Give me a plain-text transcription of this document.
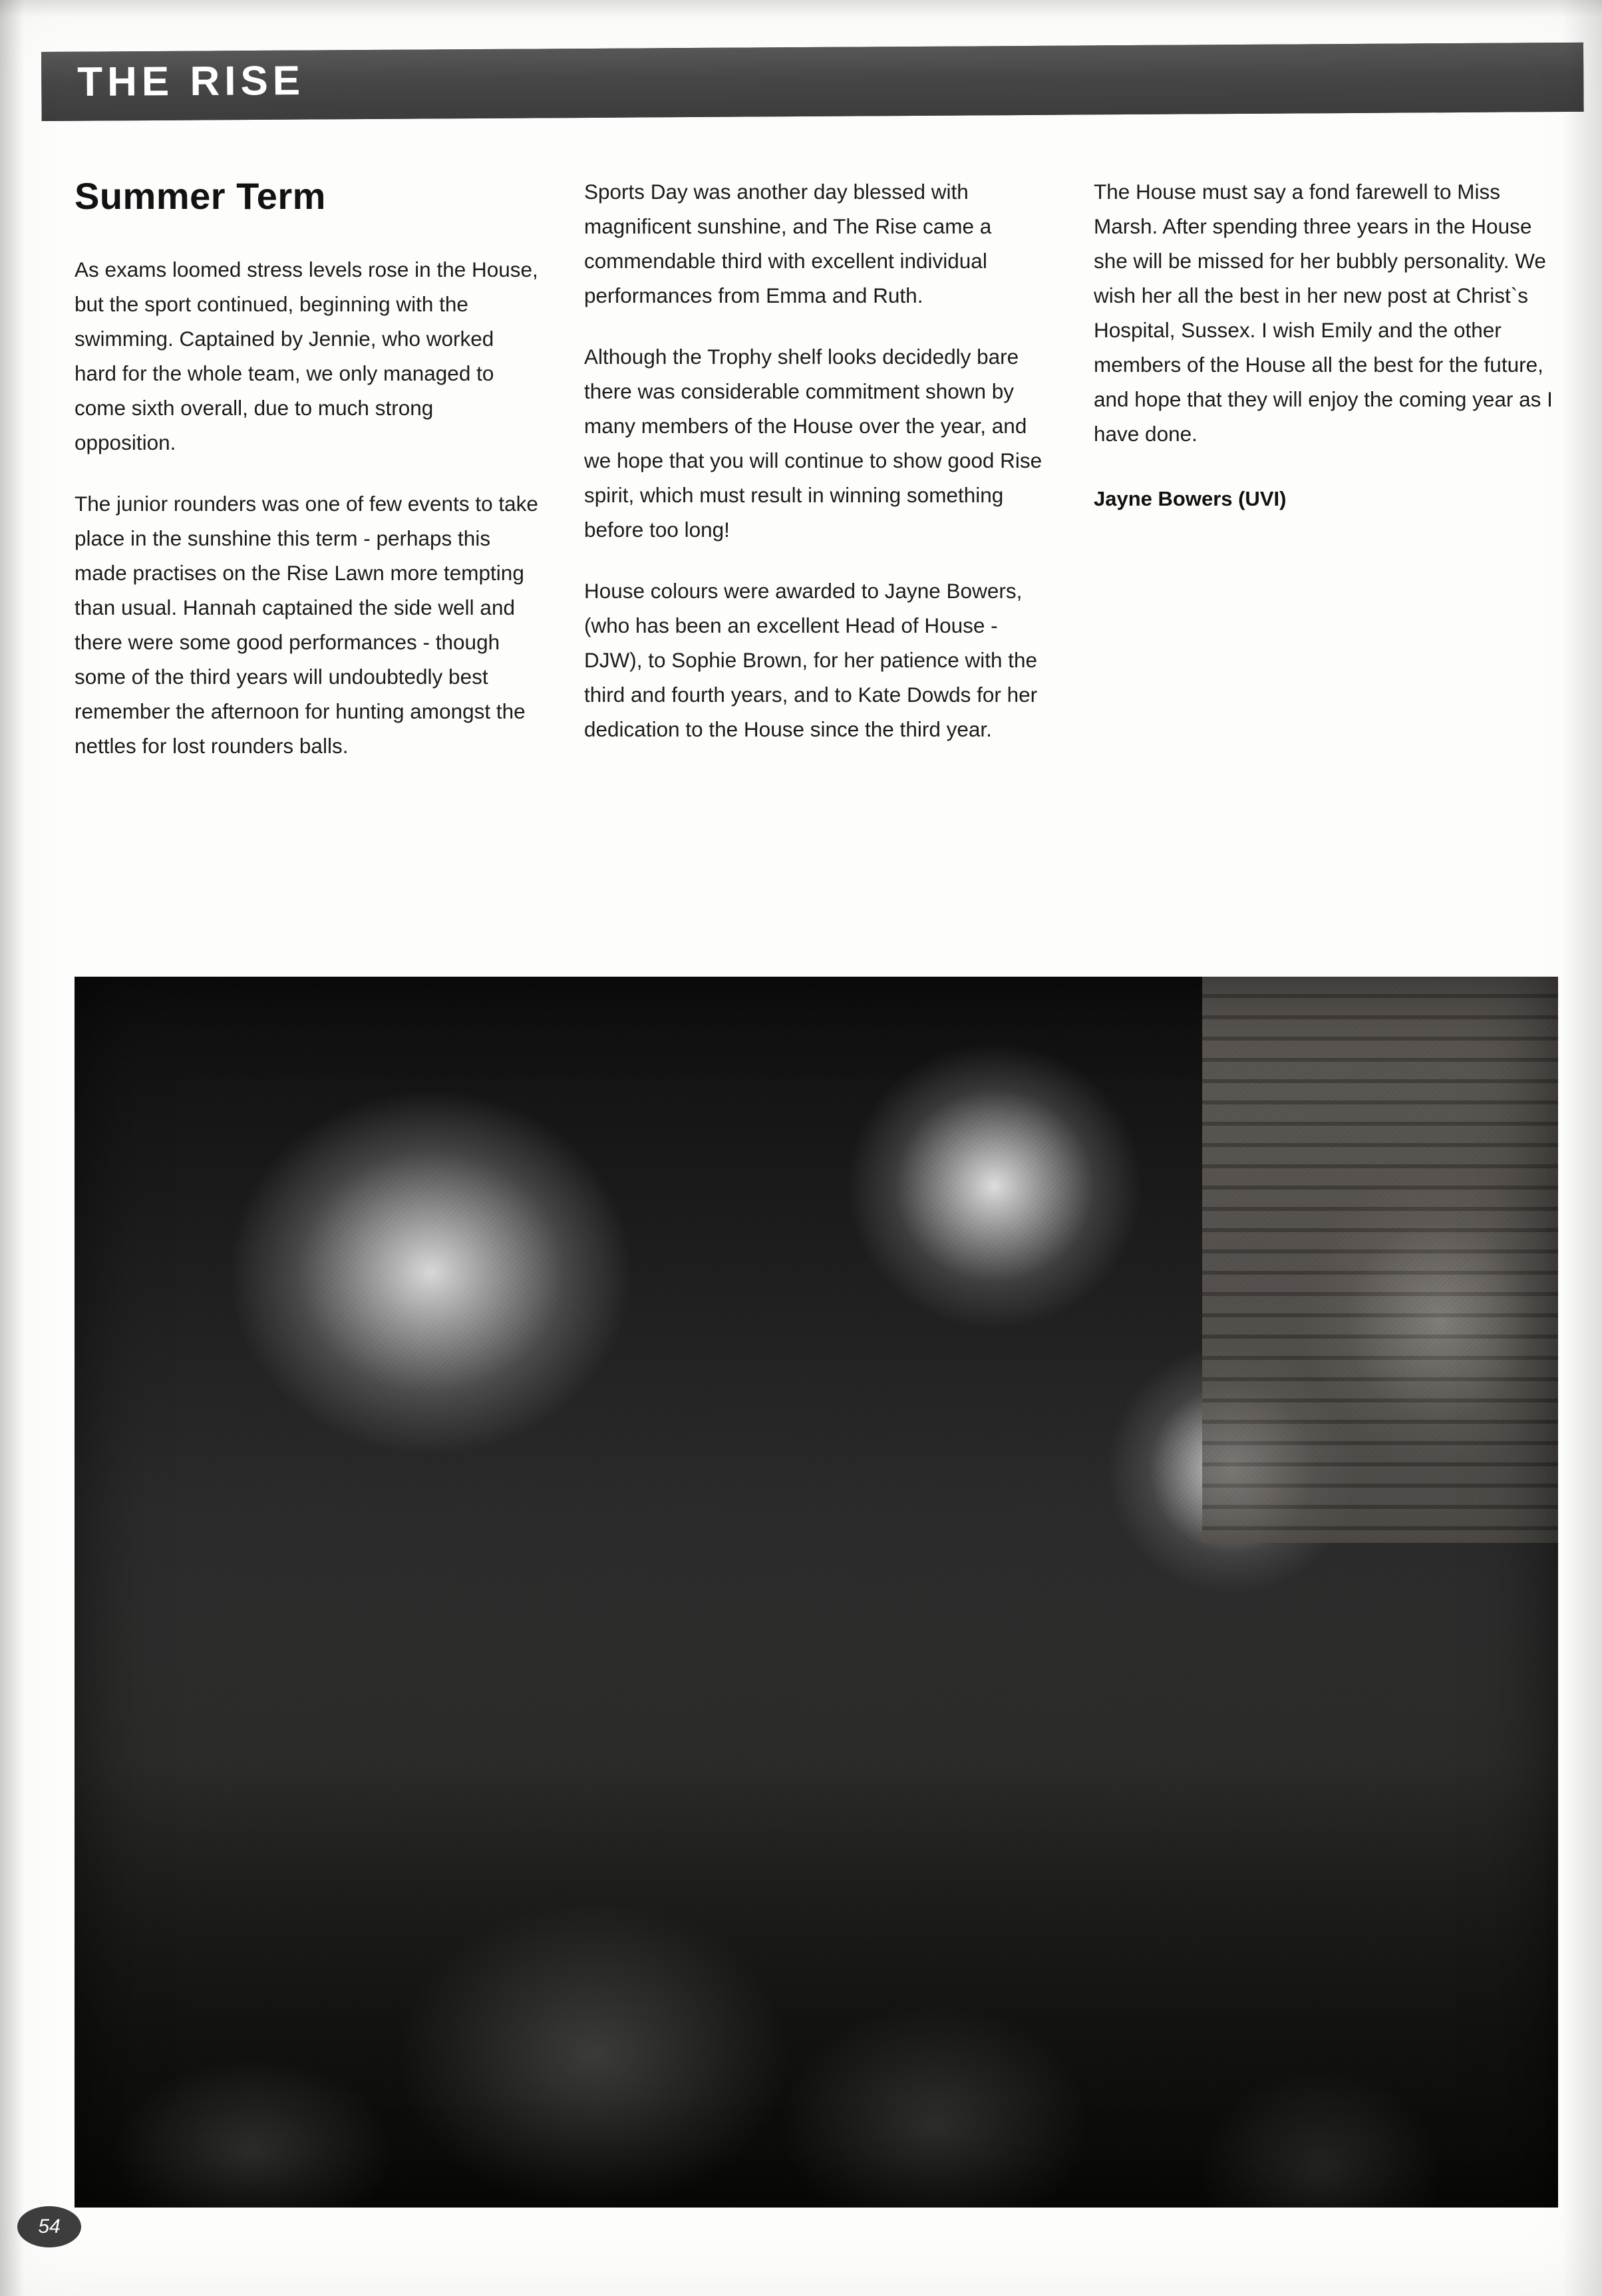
THE RISE
Summer Term

As exams loomed stress levels rose in the House, but the sport continued, beginning with the swimming. Captained by Jennie, who worked hard for the whole team, we only managed to come sixth overall, due to much strong opposition.

The junior rounders was one of few events to take place in the sunshine this term - perhaps this made practises on the Rise Lawn more tempting than usual. Hannah captained the side well and there were some good performances - though some of the third years will undoubtedly best remember the afternoon for hunting amongst the nettles for lost rounders balls.

Sports Day was another day blessed with magnificent sunshine, and The Rise came a commendable third with excellent individual performances from Emma and Ruth.

Although the Trophy shelf looks decidedly bare there was considerable commitment shown by many members of the House over the year, and we hope that you will continue to show good Rise spirit, which must result in winning something before too long!

House colours were awarded to Jayne Bowers, (who has been an excellent Head of House -DJW), to Sophie Brown, for her patience with the third and fourth years, and to Kate Dowds for her dedication to the House since the third year.

The House must say a fond farewell to Miss Marsh. After spending three years in the House she will be missed for her bubbly personality. We wish her all the best in her new post at Christ`s Hospital, Sussex. I wish Emily and the other members of the House all the best for the future, and hope that they will enjoy the coming year as I have done.

Jayne Bowers (UVI)
54
